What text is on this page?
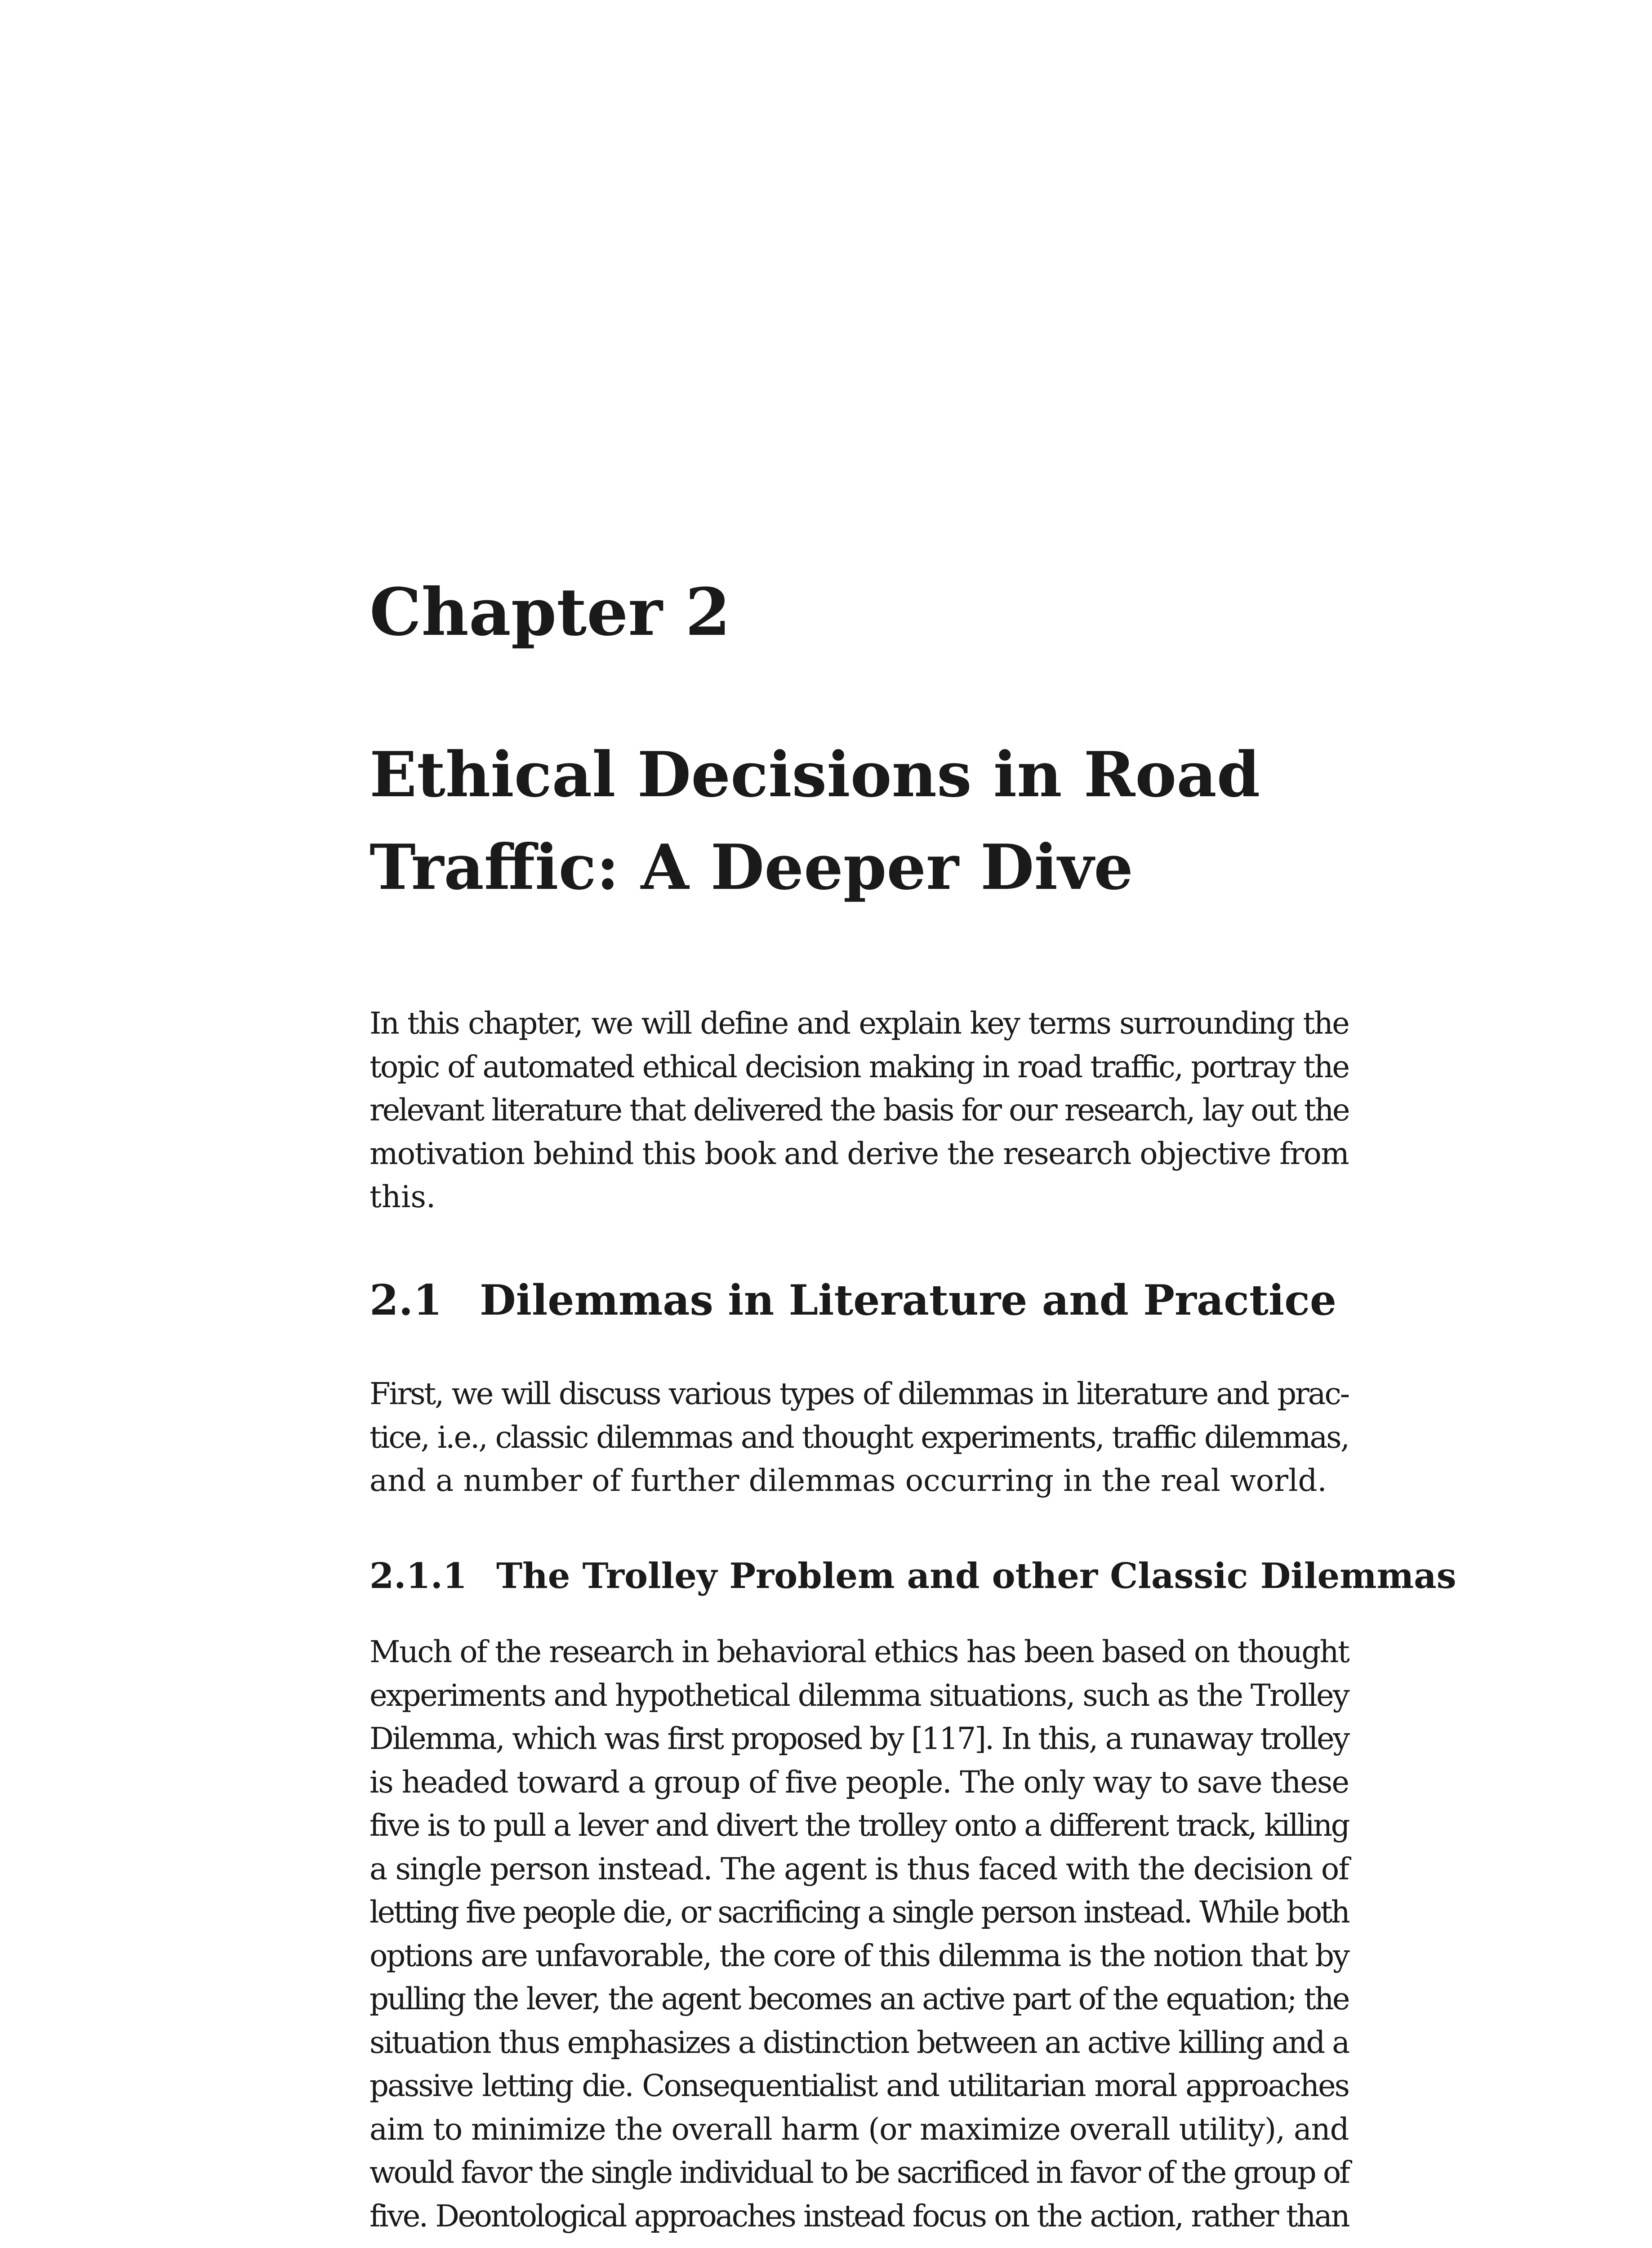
Chapter 2
Ethical Decisions in Road
Traffic: A Deeper Dive
In this chapter, we will define and explain key terms surrounding the
topic of automated ethical decision making in road traffic, portray the
relevant literature that delivered the basis for our research, lay out the
motivation behind this book and derive the research objective from
this.
2.1 Dilemmas in Literature and Practice
First, we will discuss various types of dilemmas in literature and prac-
tice, i.e., classic dilemmas and thought experiments, traffic dilemmas,
and a number of further dilemmas occurring in the real world.
2.1.1 The Trolley Problem and other Classic Dilemmas
Much of the research in behavioral ethics has been based on thought
experiments and hypothetical dilemma situations, such as the Trolley
Dilemma, which was first proposed by [117]. In this, a runaway trolley
is headed toward a group of five people. The only way to save these
five is to pull a lever and divert the trolley onto a different track, killing
a single person instead. The agent is thus faced with the decision of
letting five people die, or sacrificing a single person instead. While both
options are unfavorable, the core of this dilemma is the notion that by
pulling the lever, the agent becomes an active part of the equation; the
situation thus emphasizes a distinction between an active killing and a
passive letting die. Consequentialist and utilitarian moral approaches
aim to minimize the overall harm (or maximize overall utility), and
would favor the single individual to be sacrificed in favor of the group of
five. Deontological approaches instead focus on the action, rather than
